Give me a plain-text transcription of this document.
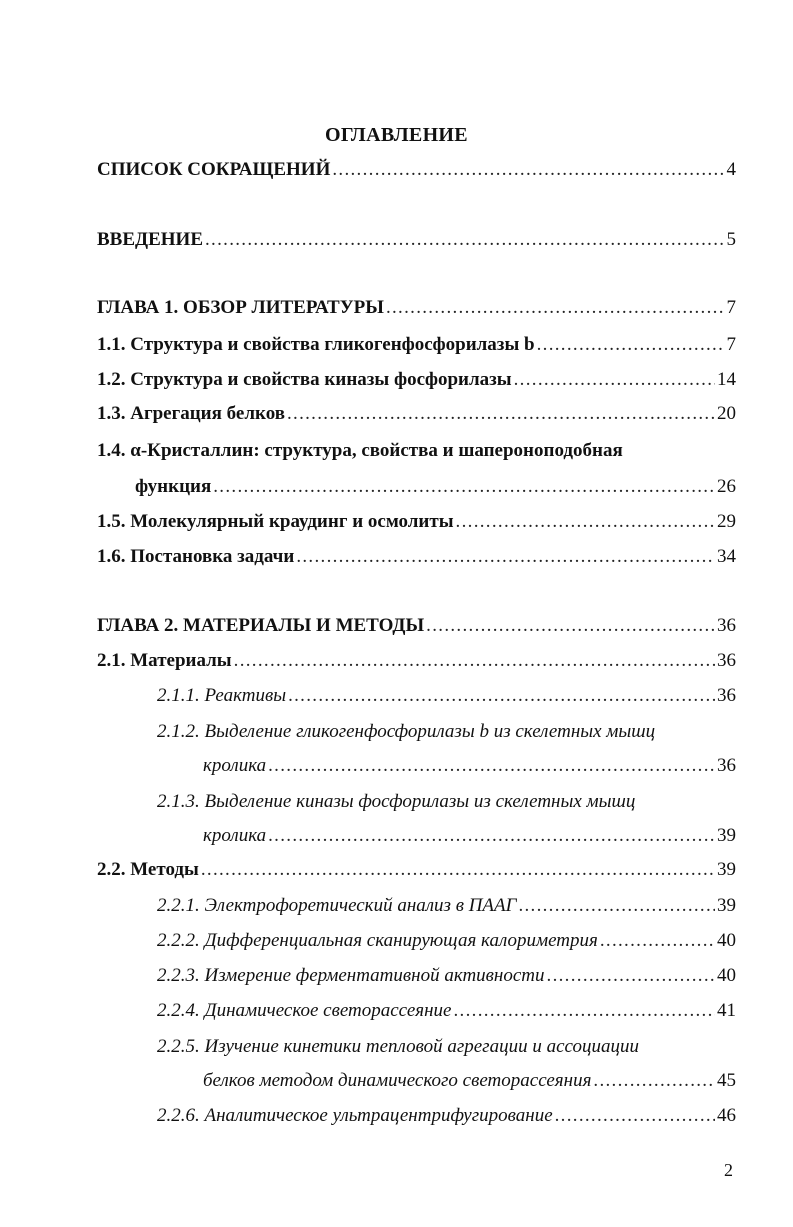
ОГЛАВЛЕНИЕ
СПИСОК СОКРАЩЕНИЙ .....	4
ВВЕДЕНИЕ .....	5
ГЛАВА 1. ОБЗОР ЛИТЕРАТУРЫ .....	7
1.1. Структура и свойства гликогенфосфорилазы b .....	7
1.2. Структура и свойства киназы фосфорилазы .....	14
1.3. Агрегация белков .....	20
1.4. α-Кристаллин: структура, свойства и шапероноподобная
функция .....	26
1.5. Молекулярный краудинг и осмолиты .....	29
1.6. Постановка задачи .....	34
ГЛАВА 2. МАТЕРИАЛЫ И МЕТОДЫ .....	36
2.1. Материалы .....	36
2.1.1. Реактивы .....	36
2.1.2. Выделение гликогенфосфорилазы b из скелетных мышц
кролика .....	36
2.1.3. Выделение киназы фосфорилазы из скелетных мышц
кролика .....	39
2.2. Методы .....	39
2.2.1. Электрофоретический анализ в ПААГ .....	39
2.2.2. Дифференциальная сканирующая калориметрия .....	40
2.2.3. Измерение ферментативной активности .....	40
2.2.4. Динамическое светорассеяние .....	41
2.2.5. Изучение кинетики тепловой агрегации и ассоциации
белков методом динамического светорассеяния .....	45
2.2.6. Аналитическое ультрацентрифугирование .....	46
2
